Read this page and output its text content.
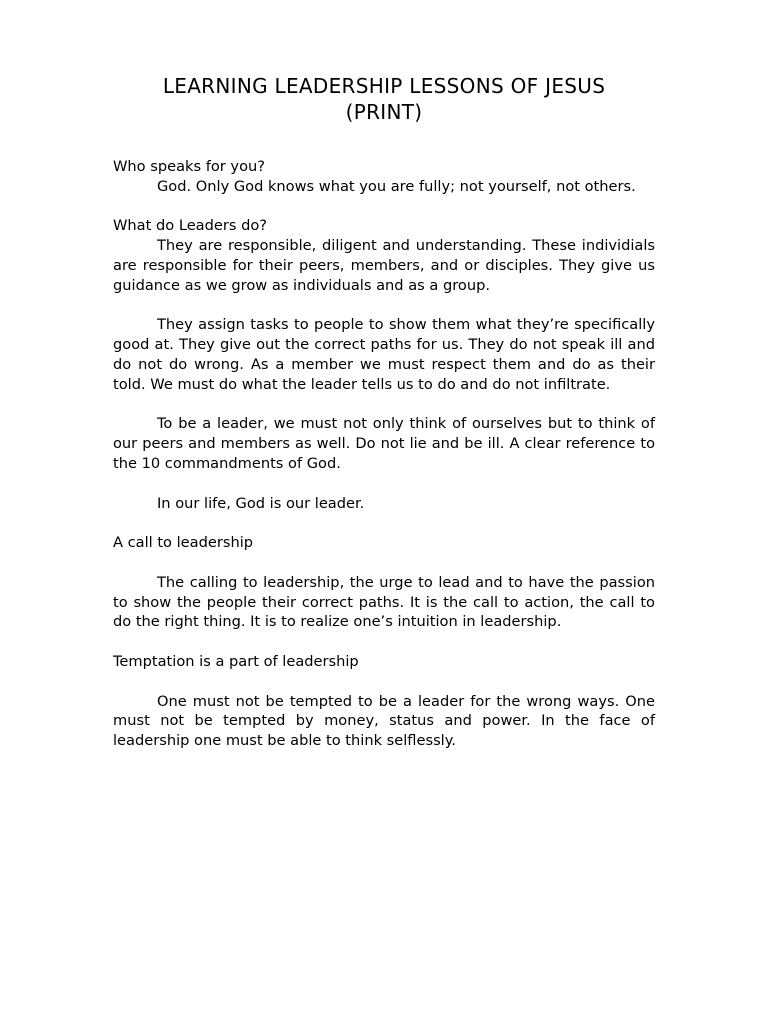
LEARNING LEADERSHIP LESSONS OF JESUS
(PRINT)

Who speaks for you?

God. Only God knows what you are fully; not yourself, not others.

What do Leaders do?

They are responsible, diligent and understanding. These individials are responsible for their peers, members, and or disciples. They give us guidance as we grow as individuals and as a group.

They assign tasks to people to show them what they’re specifically good at. They give out the correct paths for us. They do not speak ill and do not do wrong. As a member we must respect them and do as their told. We must do what the leader tells us to do and do not infiltrate.

To be a leader, we must not only think of ourselves but to think of our peers and members as well. Do not lie and be ill. A clear reference to the 10 commandments of God.

In our life, God is our leader.

A call to leadership

The calling to leadership, the urge to lead and to have the passion to show the people their correct paths. It is the call to action, the call to do the right thing. It is to realize one’s intuition in leadership.

Temptation is a part of leadership

One must not be tempted to be a leader for the wrong ways. One must not be tempted by money, status and power. In the face of leadership one must be able to think selflessly.
